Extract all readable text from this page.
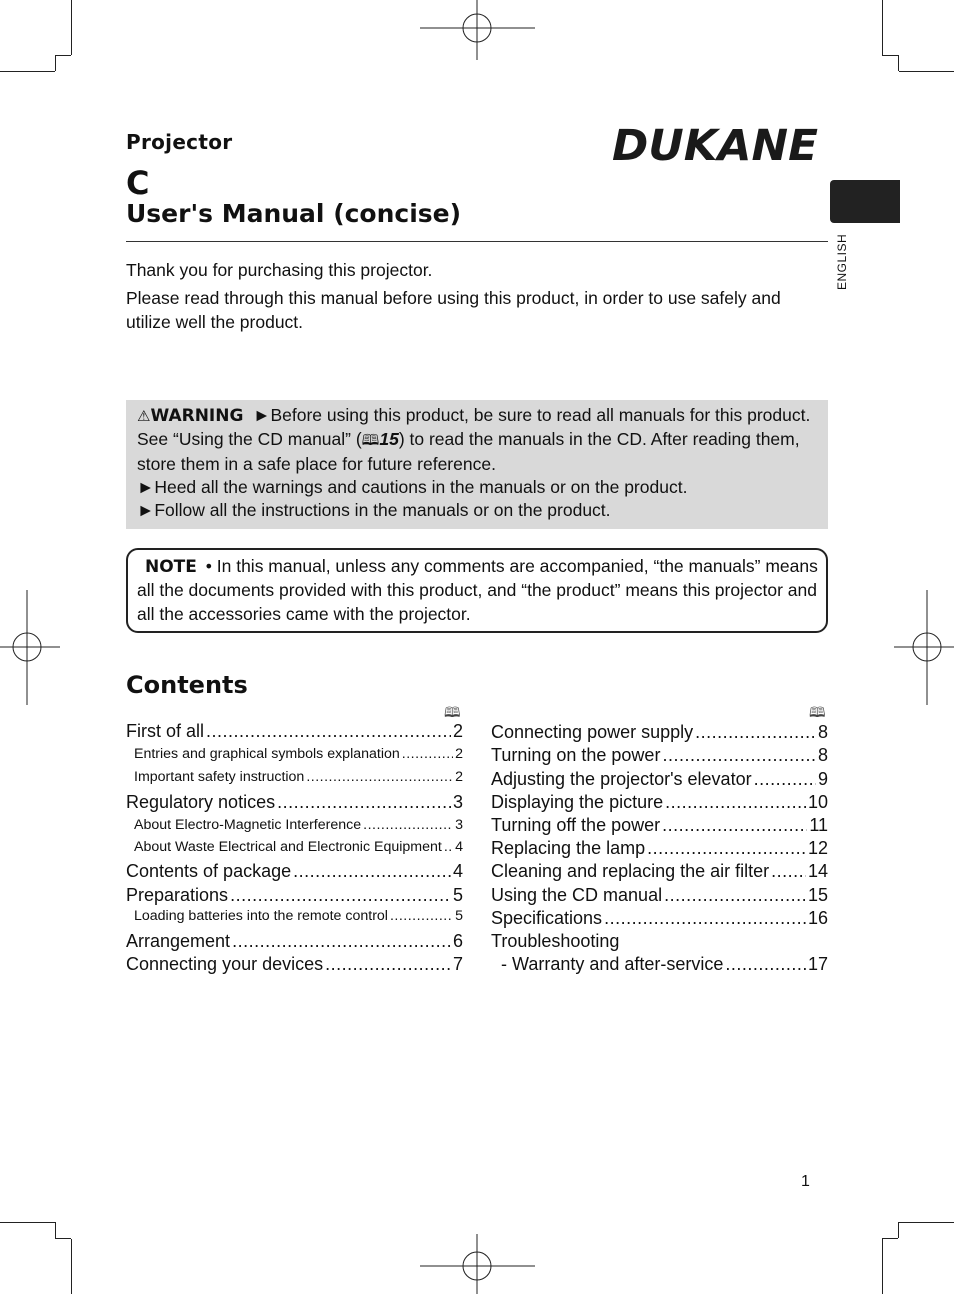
Projector
C
User's Manual (concise)
DUKANE
ENGLISH
Thank you for purchasing this projector.
Please read through this manual before using this product, in order to use safely and utilize well the product.
⚠WARNING ►Before using this product, be sure to read all manuals for this product. See “Using the CD manual” (🕮15) to read the manuals in the CD. After reading them, store them in a safe place for future reference.
►Heed all the warnings and cautions in the manuals or on the product.
►Follow all the instructions in the manuals or on the product.
NOTE • In this manual, unless any comments are accompanied, “the manuals” means all the documents provided with this product, and “the product” means this projector and all the accessories came with the projector.
Contents
🕮	🕮
First of all .....	2
Entries and graphical symbols explanation .....	2
Important safety instruction .....	2
Regulatory notices .....	3
About Electro-Magnetic Interference .....	3
About Waste Electrical and Electronic Equipment ..... 4
Contents of package .....	4
Preparations .....	5
Loading batteries into the remote control .....	5
Arrangement .....	6
Connecting your devices .....	7
Connecting power supply .....	8
Turning on the power .....	8
Adjusting the projector's elevator .....	9
Displaying the picture .....	10
Turning off the power .....	11
Replacing the lamp .....	12
Cleaning and replacing the air filter ..... 14
Using the CD manual .....	15
Specifications .....	16
Troubleshooting
- Warranty and after-service .....	17
1
